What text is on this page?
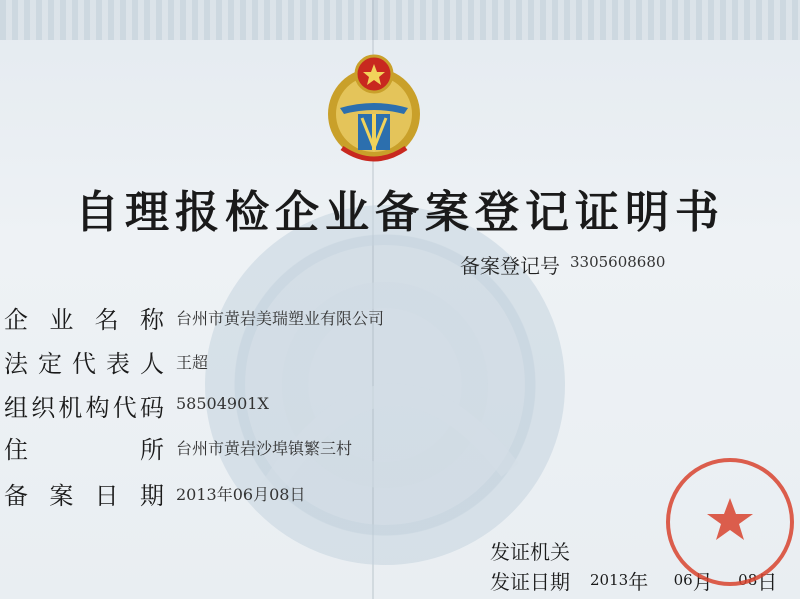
自理报检企业备案登记证明书
备案登记号 $^{3305608680}$
企业名称 台州市黄岩美瑞塑业有限公司
法定代表人 王超
组织机构代码 58504901X
住所 台州市黄岩沙埠镇繁三村
备案日期 2013年06月08日
发证机关
发证日期 $^{2013}$年 $^{06}$月 $^{08}$日
